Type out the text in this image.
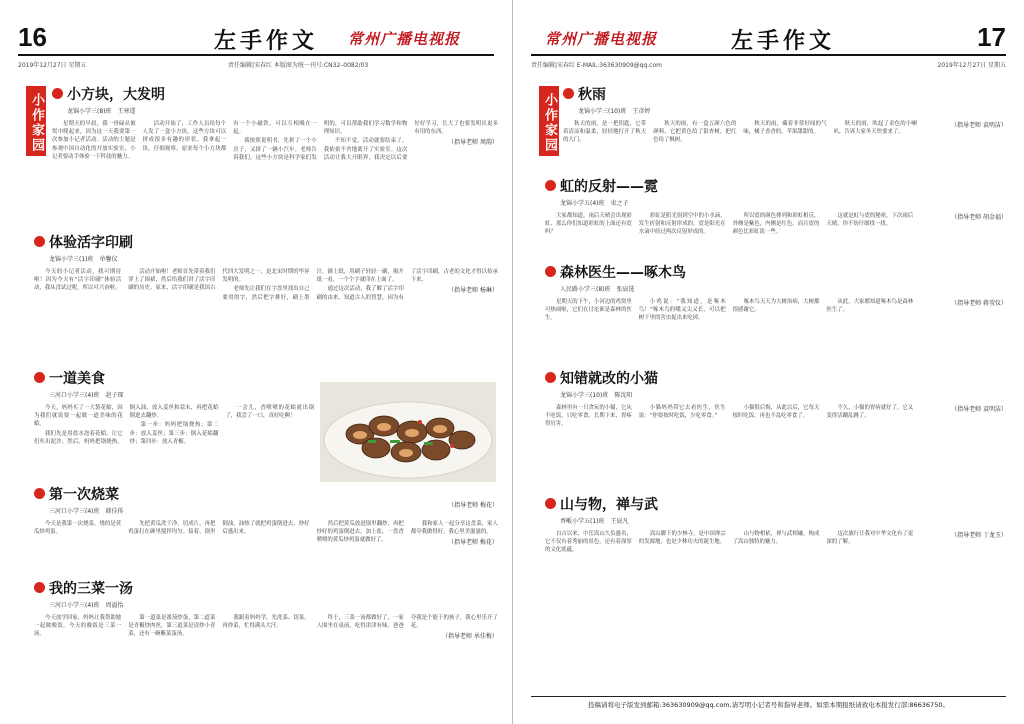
16	左手作文 常州广播电视报
2019年12月27日 星期五	责任编辑|宋春红 本版图为统一刊号:CN32–0082/03
小作家园地
小方块，大发明
龙锦小学三(8)班 王寒遥

星期天的早晨，我一骨碌从被窝中爬起来，因为这一天我要第一次参加小记者活动。活动的主题是参观中国自动化的开放实验室，小记者要动手体验一下科技的魅力。

活动开始了，工作人员给每个人发了一盒小方块，这些方块可以拼成很多有趣的形状。我拿起一块，仔细观察，原来每个小方块都有一个小磁铁，可以互相吸在一起。

我按照说明书，先拼了一个小房子，又拼了一辆小汽车。老师告诉我们，这些小方块是科学家们发明的，可以帮助我们学习数学和物理知识。

不知不觉，活动就要结束了。我依依不舍地离开了实验室。这次活动让我大开眼界，我决定以后要好好学习，长大了也要发明出更多有用的东西。

（指导老师 周韵）
体验活字印刷
龙锦小学三(1)班 单馨仪

今天的小记者活动，我可期待啦！因为今天有“活字印刷”体验活动，我从没试过呢，所以可兴奋啦。

活动开始啦！老师首先带着我们穿上了围裙，然后给我们讲了活字印刷的历史。原来，活字印刷是我国古代四大发明之一，是北宋时期的毕昇发明的。

老师先让我们在字盘里找出自己要用的字，然后把字排好，刷上墨汁，铺上纸，用刷子轻轻一刷，揭开纸一看，一个个字就印在上面了。

通过这次活动，我了解了活字印刷的由来，知道古人的智慧，因为有了活字印刷，古老的文化才得以传承下来。

（指导老师 杨琳）
一道美食
三河口小学三(4)班 赵子琛

今天，妈妈买了一大袋花蛤，因为我们就说要一起做一道美味的花蛤。

我们先是用盐水泡着花蛤，让它们吐出泥沙。然后，妈妈把锅烧热，倒入油，放入姜丝和蒜末，再把花蛤倒进去翻炒。

第一步：妈妈把锅烧热；第二步：放入姜丝；第三步：倒入花蛤翻炒；第四步：放入青椒。

一会儿，香喷喷的花蛤就出锅了，我尝了一口，真好吃啊！

（指导老师 梅花）
第一次烧菜
三河口小学三(4)班 韩佳传

今天是我第一次烧菜，烧的是黄瓜炒鸡蛋。

先把黄瓜洗干净，切成片，再把鸡蛋打在碗里搅拌均匀。接着，锅里倒油，油热了就把鸡蛋倒进去，炒好后盛出来。

然后把黄瓜放进锅里翻炒，再把炒好的鸡蛋倒进去，加上盐，一盘香喷喷的黄瓜炒鸡蛋就做好了。

我和家人一起分享这盘菜，家人都夸我做得好，我心里美滋滋的。

（指导老师 梅花）
我的三菜一汤
三河口小学三(4)班 周溢怡

今天放学回家，妈妈让我帮助她一起做晚饭。今天的晚饭是三菜一汤。

第一道菜是番茄炒蛋，第二道菜是青椒炒肉丝，第三道菜是清炒小青菜，还有一碗紫菜蛋汤。

我跟着妈妈学，先洗菜、切菜，再炒菜，忙得满头大汗。

终于，三菜一汤都做好了，一家人围坐在桌前，吃得津津有味。爸爸夸我是个能干的孩子，我心里乐开了花。

（指导老师 承佳梅）
常州广播电视报	左手作文	17
责任编辑|宋春红 E-MAIL:363630909@qq.com	2019年12月27日 星期五
小作家园地
秋雨
龙锦小学三(10)班 王彦婷

秋天的雨，是一把钥匙，它带着清凉和温柔，轻轻地打开了秋天的大门。

秋天的雨，有一盒五颜六色的颜料，它把黄色给了银杏树，把红色给了枫树。

秋天的雨，藏着非常好闻的气味，橘子香香的，苹果甜甜的。

秋天的雨，吹起了金色的小喇叭，告诉大家冬天快要来了。

（指导老师 袁明洁）
虹的反射——霓
龙锦小学五(4)班 束之子

大家都知道，雨后天晴会出现彩虹，那么你们知道彩虹的上面还有霓吗？

彩虹是阳光射到空中的小水滴，发生折射和反射形成的。霓是阳光在水滴中经过两次反射形成的。

所以霓的颜色排列和彩虹相反，外侧是紫色，内侧是红色，而且霓的颜色比彩虹淡一些。

这就是虹与霓的秘密，下次雨后天晴，你不妨仔细找一找。

（指导老师 胡金福）
森林医生——啄木鸟
人民路小学三(8)班 张宸选

星期天的下午，小河边的鸡窝里可热闹啦，它们在讨论谁是森林的医生。

小鸡说：“我知道，是啄木鸟！”啄木鸟的嘴又尖又长，可以把树干里的害虫捉出来吃掉。

啄木鸟天天为大树治病，大树都很感谢它。

从此，大家都知道啄木鸟是森林医生了。

（指导老师 蒋莹仪）
知错就改的小猫
龙锦小学三(10)班 陈沈阳

森林里有一只贪玩的小猫，它从不吃饭，只吃零食，长期下来，胃疼得厉害。

小猫妈妈带它去看医生，医生说：“你要按时吃饭，少吃零食。”

小猫很后悔，从此以后，它每天按时吃饭，再也不乱吃零食了。

不久，小猫的胃病就好了，它又变得活蹦乱跳了。

（指导老师 袁明洁）
山与物，禅与武
香畈小学五(1)班 王宸凡

自古以来，中岳嵩山久负盛名，它不仅有着秀丽的景色，还有着深厚的文化底蕴。

嵩山脚下的少林寺，是中国禅宗的发源地，也是少林功夫的诞生地。

山与物相依，禅与武相融，构成了嵩山独特的魅力。

这次旅行让我对中华文化有了更深的了解。

（指导老师 丁龙玉）
投稿请将电子版发到邮箱:363630909@qq.com,请写明小记者号和指导老师。如需本期报纸请致电本报发行部:86636750。
